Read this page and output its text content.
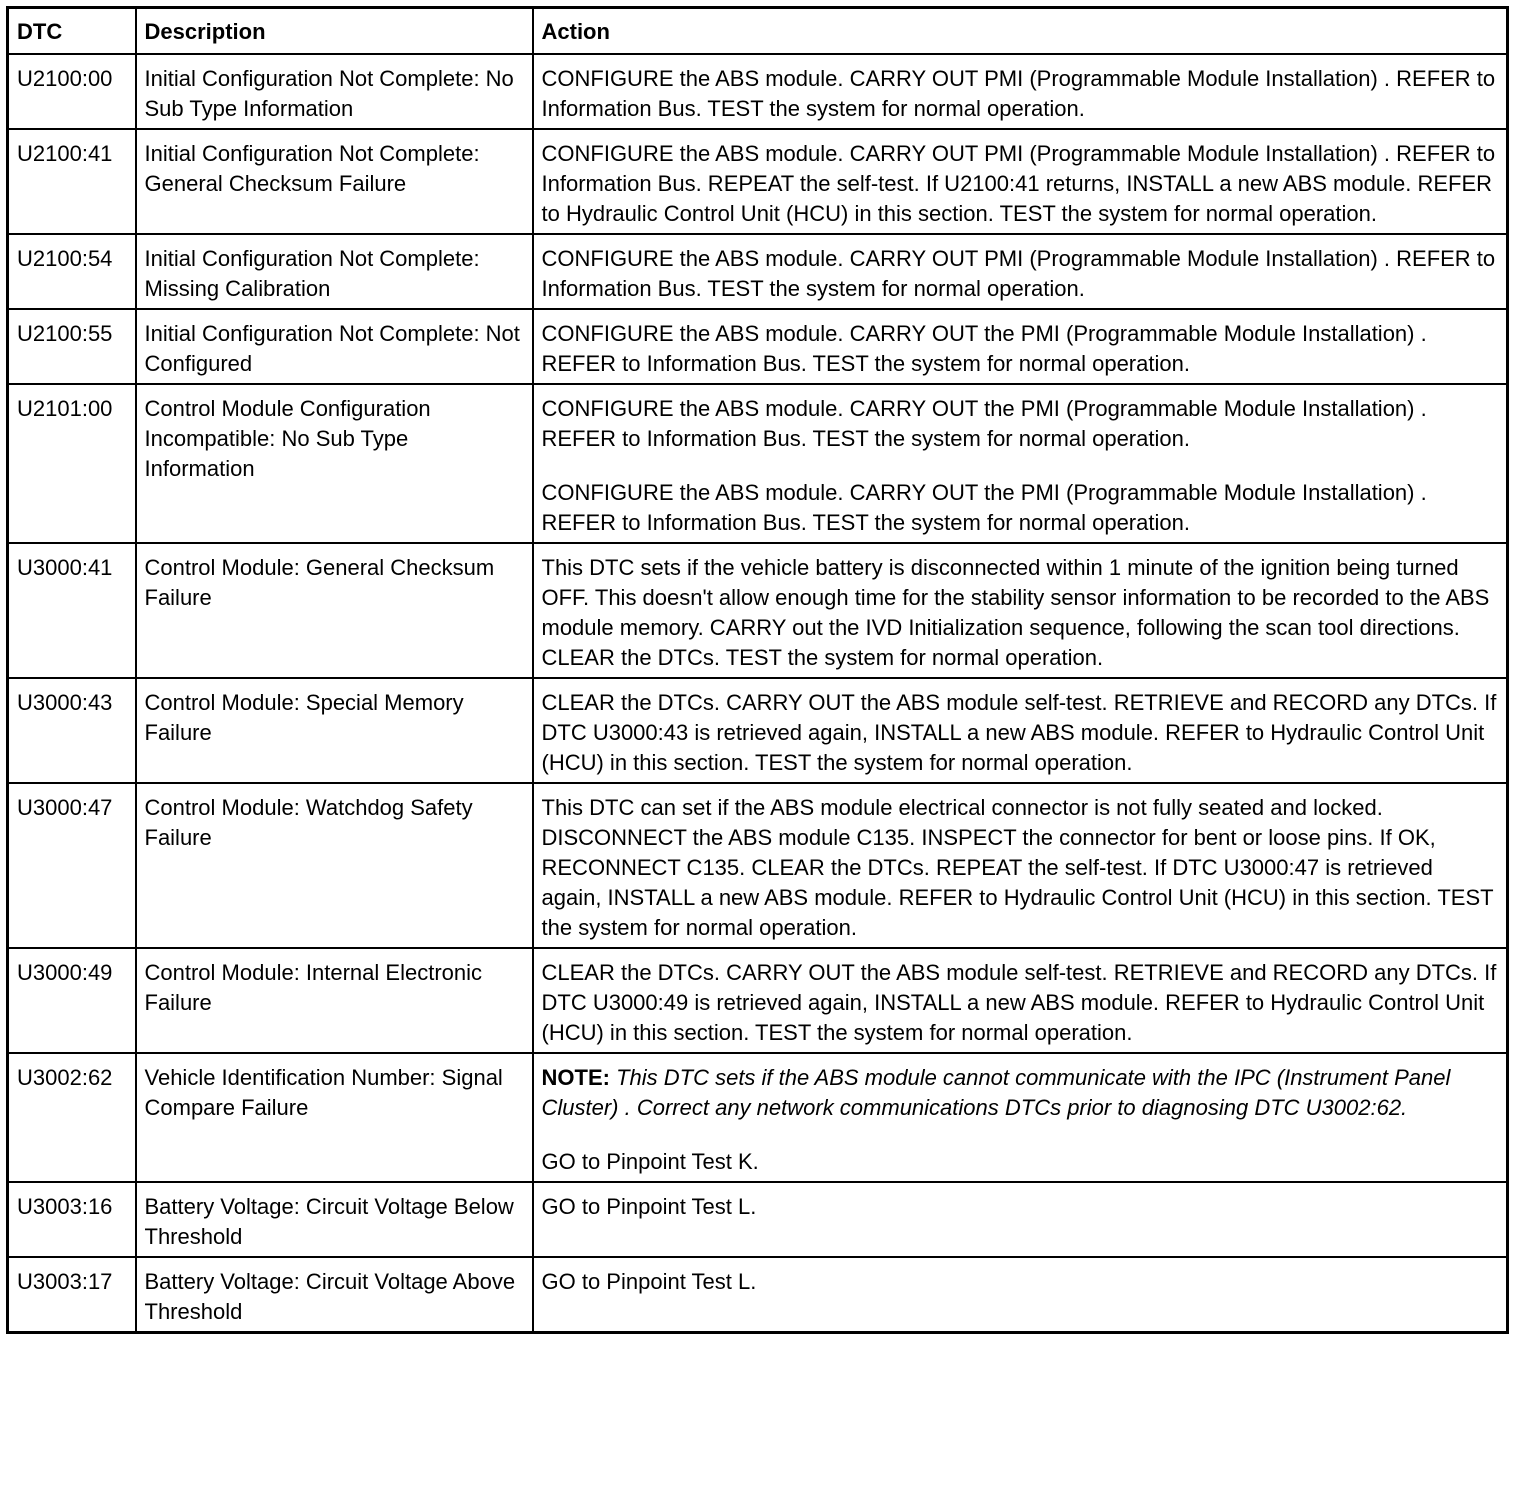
DTC	Description	Action
U2100:00	Initial Configuration Not Complete: No Sub Type Information	CONFIGURE the ABS module. CARRY OUT PMI (Programmable Module Installation) . REFER to Information Bus. TEST the system for normal operation.

U2100:41	Initial Configuration Not Complete: General Checksum Failure	CONFIGURE the ABS module. CARRY OUT PMI (Programmable Module Installation) . REFER to Information Bus. REPEAT the self-test. If U2100:41 returns, INSTALL a new ABS module. REFER to Hydraulic Control Unit (HCU) in this section. TEST the system for normal operation.

U2100:54	Initial Configuration Not Complete: Missing Calibration	CONFIGURE the ABS module. CARRY OUT PMI (Programmable Module Installation) . REFER to Information Bus. TEST the system for normal operation.

U2100:55	Initial Configuration Not Complete: Not Configured	CONFIGURE the ABS module. CARRY OUT the PMI (Programmable Module Installation) . REFER to Information Bus. TEST the system for normal operation.

U2101:00	Control Module Configuration Incompatible: No Sub Type Information	CONFIGURE the ABS module. CARRY OUT the PMI (Programmable Module Installation) . REFER to Information Bus. TEST the system for normal operation.

CONFIGURE the ABS module. CARRY OUT the PMI (Programmable Module Installation) . REFER to Information Bus. TEST the system for normal operation.

U3000:41	Control Module: General Checksum Failure	This DTC sets if the vehicle battery is disconnected within 1 minute of the ignition being turned OFF. This doesn't allow enough time for the stability sensor information to be recorded to the ABS module memory. CARRY out the IVD Initialization sequence, following the scan tool directions. CLEAR the DTCs. TEST the system for normal operation.

U3000:43	Control Module: Special Memory Failure	CLEAR the DTCs. CARRY OUT the ABS module self-test. RETRIEVE and RECORD any DTCs. If DTC U3000:43 is retrieved again, INSTALL a new ABS module. REFER to Hydraulic Control Unit (HCU) in this section. TEST the system for normal operation.

U3000:47	Control Module: Watchdog Safety Failure	This DTC can set if the ABS module electrical connector is not fully seated and locked. DISCONNECT the ABS module C135. INSPECT the connector for bent or loose pins. If OK, RECONNECT C135. CLEAR the DTCs. REPEAT the self-test. If DTC U3000:47 is retrieved again, INSTALL a new ABS module. REFER to Hydraulic Control Unit (HCU) in this section. TEST the system for normal operation.

U3000:49	Control Module: Internal Electronic Failure	CLEAR the DTCs. CARRY OUT the ABS module self-test. RETRIEVE and RECORD any DTCs. If DTC U3000:49 is retrieved again, INSTALL a new ABS module. REFER to Hydraulic Control Unit (HCU) in this section. TEST the system for normal operation.

U3002:62	Vehicle Identification Number: Signal Compare Failure	NOTE: This DTC sets if the ABS module cannot communicate with the IPC (Instrument Panel Cluster) . Correct any network communications DTCs prior to diagnosing DTC U3002:62.

GO to Pinpoint Test K.

U3003:16	Battery Voltage: Circuit Voltage Below Threshold	GO to Pinpoint Test L.

U3003:17	Battery Voltage: Circuit Voltage Above Threshold	GO to Pinpoint Test L.
